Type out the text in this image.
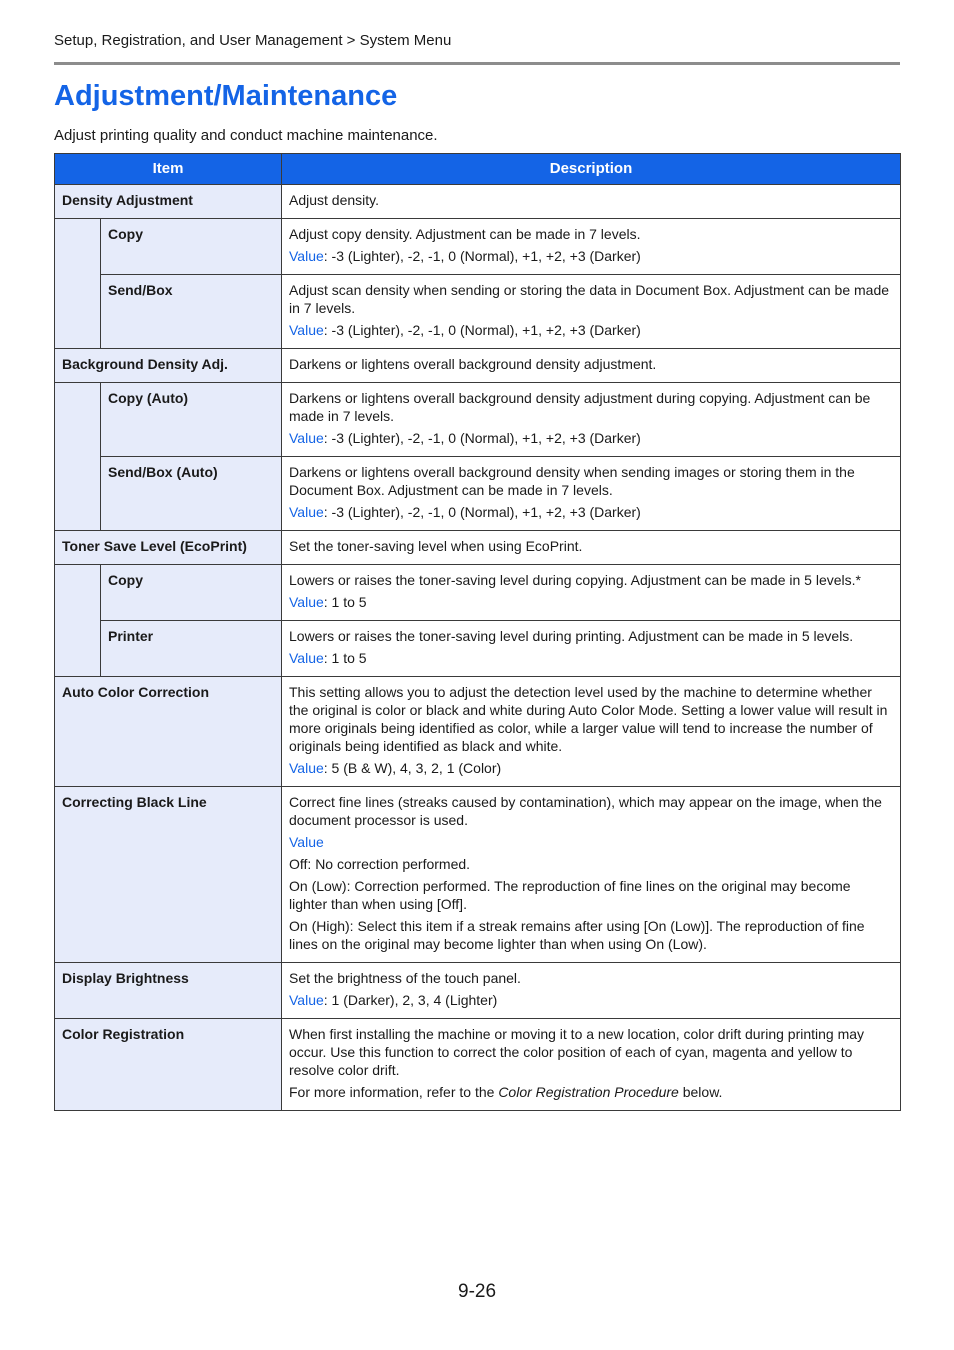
Setup, Registration, and User Management > System Menu
Adjustment/Maintenance
Adjust printing quality and conduct machine maintenance.
Item		Description
Density Adjustment		Adjust density.

	Copy	Adjust copy density. Adjustment can be made in 7 levels.

Value: -3 (Lighter), -2, -1, 0 (Normal), +1, +2, +3 (Darker)

	Send/Box	Adjust scan density when sending or storing the data in Document Box. Adjustment can be made in 7 levels.

Value: -3 (Lighter), -2, -1, 0 (Normal), +1, +2, +3 (Darker)

Background Density Adj.		Darkens or lightens overall background density adjustment.

	Copy (Auto)	Darkens or lightens overall background density adjustment during copying. Adjustment can be made in 7 levels.

Value: -3 (Lighter), -2, -1, 0 (Normal), +1, +2, +3 (Darker)

	Send/Box (Auto)	Darkens or lightens overall background density when sending images or storing them in the Document Box. Adjustment can be made in 7 levels.

Value: -3 (Lighter), -2, -1, 0 (Normal), +1, +2, +3 (Darker)

Toner Save Level (EcoPrint)		Set the toner-saving level when using EcoPrint.

	Copy	Lowers or raises the toner-saving level during copying. Adjustment can be made in 5 levels.*

Value: 1 to 5

	Printer	Lowers or raises the toner-saving level during printing. Adjustment can be made in 5 levels.

Value: 1 to 5

Auto Color Correction		This setting allows you to adjust the detection level used by the machine to determine whether the original is color or black and white during Auto Color Mode. Setting a lower value will result in more originals being identified as color, while a larger value will tend to increase the number of originals being identified as black and white.

Value: 5 (B & W), 4, 3, 2, 1 (Color)

Correcting Black Line		Correct fine lines (streaks caused by contamination), which may appear on the image, when the document processor is used.

Value

Off: No correction performed.

On (Low): Correction performed. The reproduction of fine lines on the original may become lighter than when using [Off].

On (High): Select this item if a streak remains after using [On (Low)]. The reproduction of fine lines on the original may become lighter than when using On (Low).

Display Brightness		Set the brightness of the touch panel.

Value: 1 (Darker), 2, 3, 4 (Lighter)

Color Registration		When first installing the machine or moving it to a new location, color drift during printing may occur. Use this function to correct the color position of each of cyan, magenta and yellow to resolve color drift.

For more information, refer to the Color Registration Procedure below.

9-26
